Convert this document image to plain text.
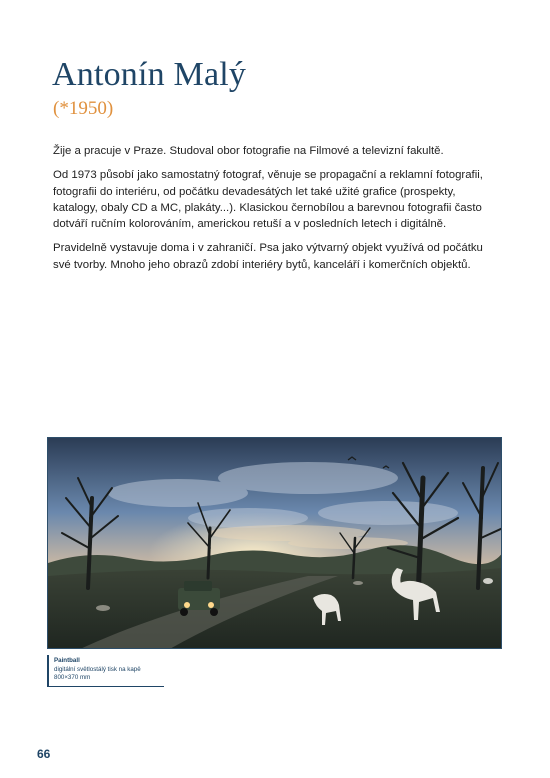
Antonín Malý
(*1950)

Žije a pracuje v Praze. Studoval obor fotografie na Filmové a televizní fakultě.

Od 1973 působí jako samostatný fotograf, věnuje se propagační a reklamní fotografii, fotografii do interiéru, od počátku devadesátých let také užité grafice (prospekty, katalogy, obaly CD a MC, plakáty...). Klasickou černobílou a barevnou fotografii často dotváří ručním kolorováním, americkou retuší a v posledních letech i digitálně.

Pravidelně vystavuje doma i v zahraničí. Psa jako výtvarný objekt využívá od počátku své tvorby. Mnoho jeho obrazů zdobí interiéry bytů, kanceláří i komerčních objektů.

Paintball
digitální světlostálý tisk na kapě
800×370 mm
66
